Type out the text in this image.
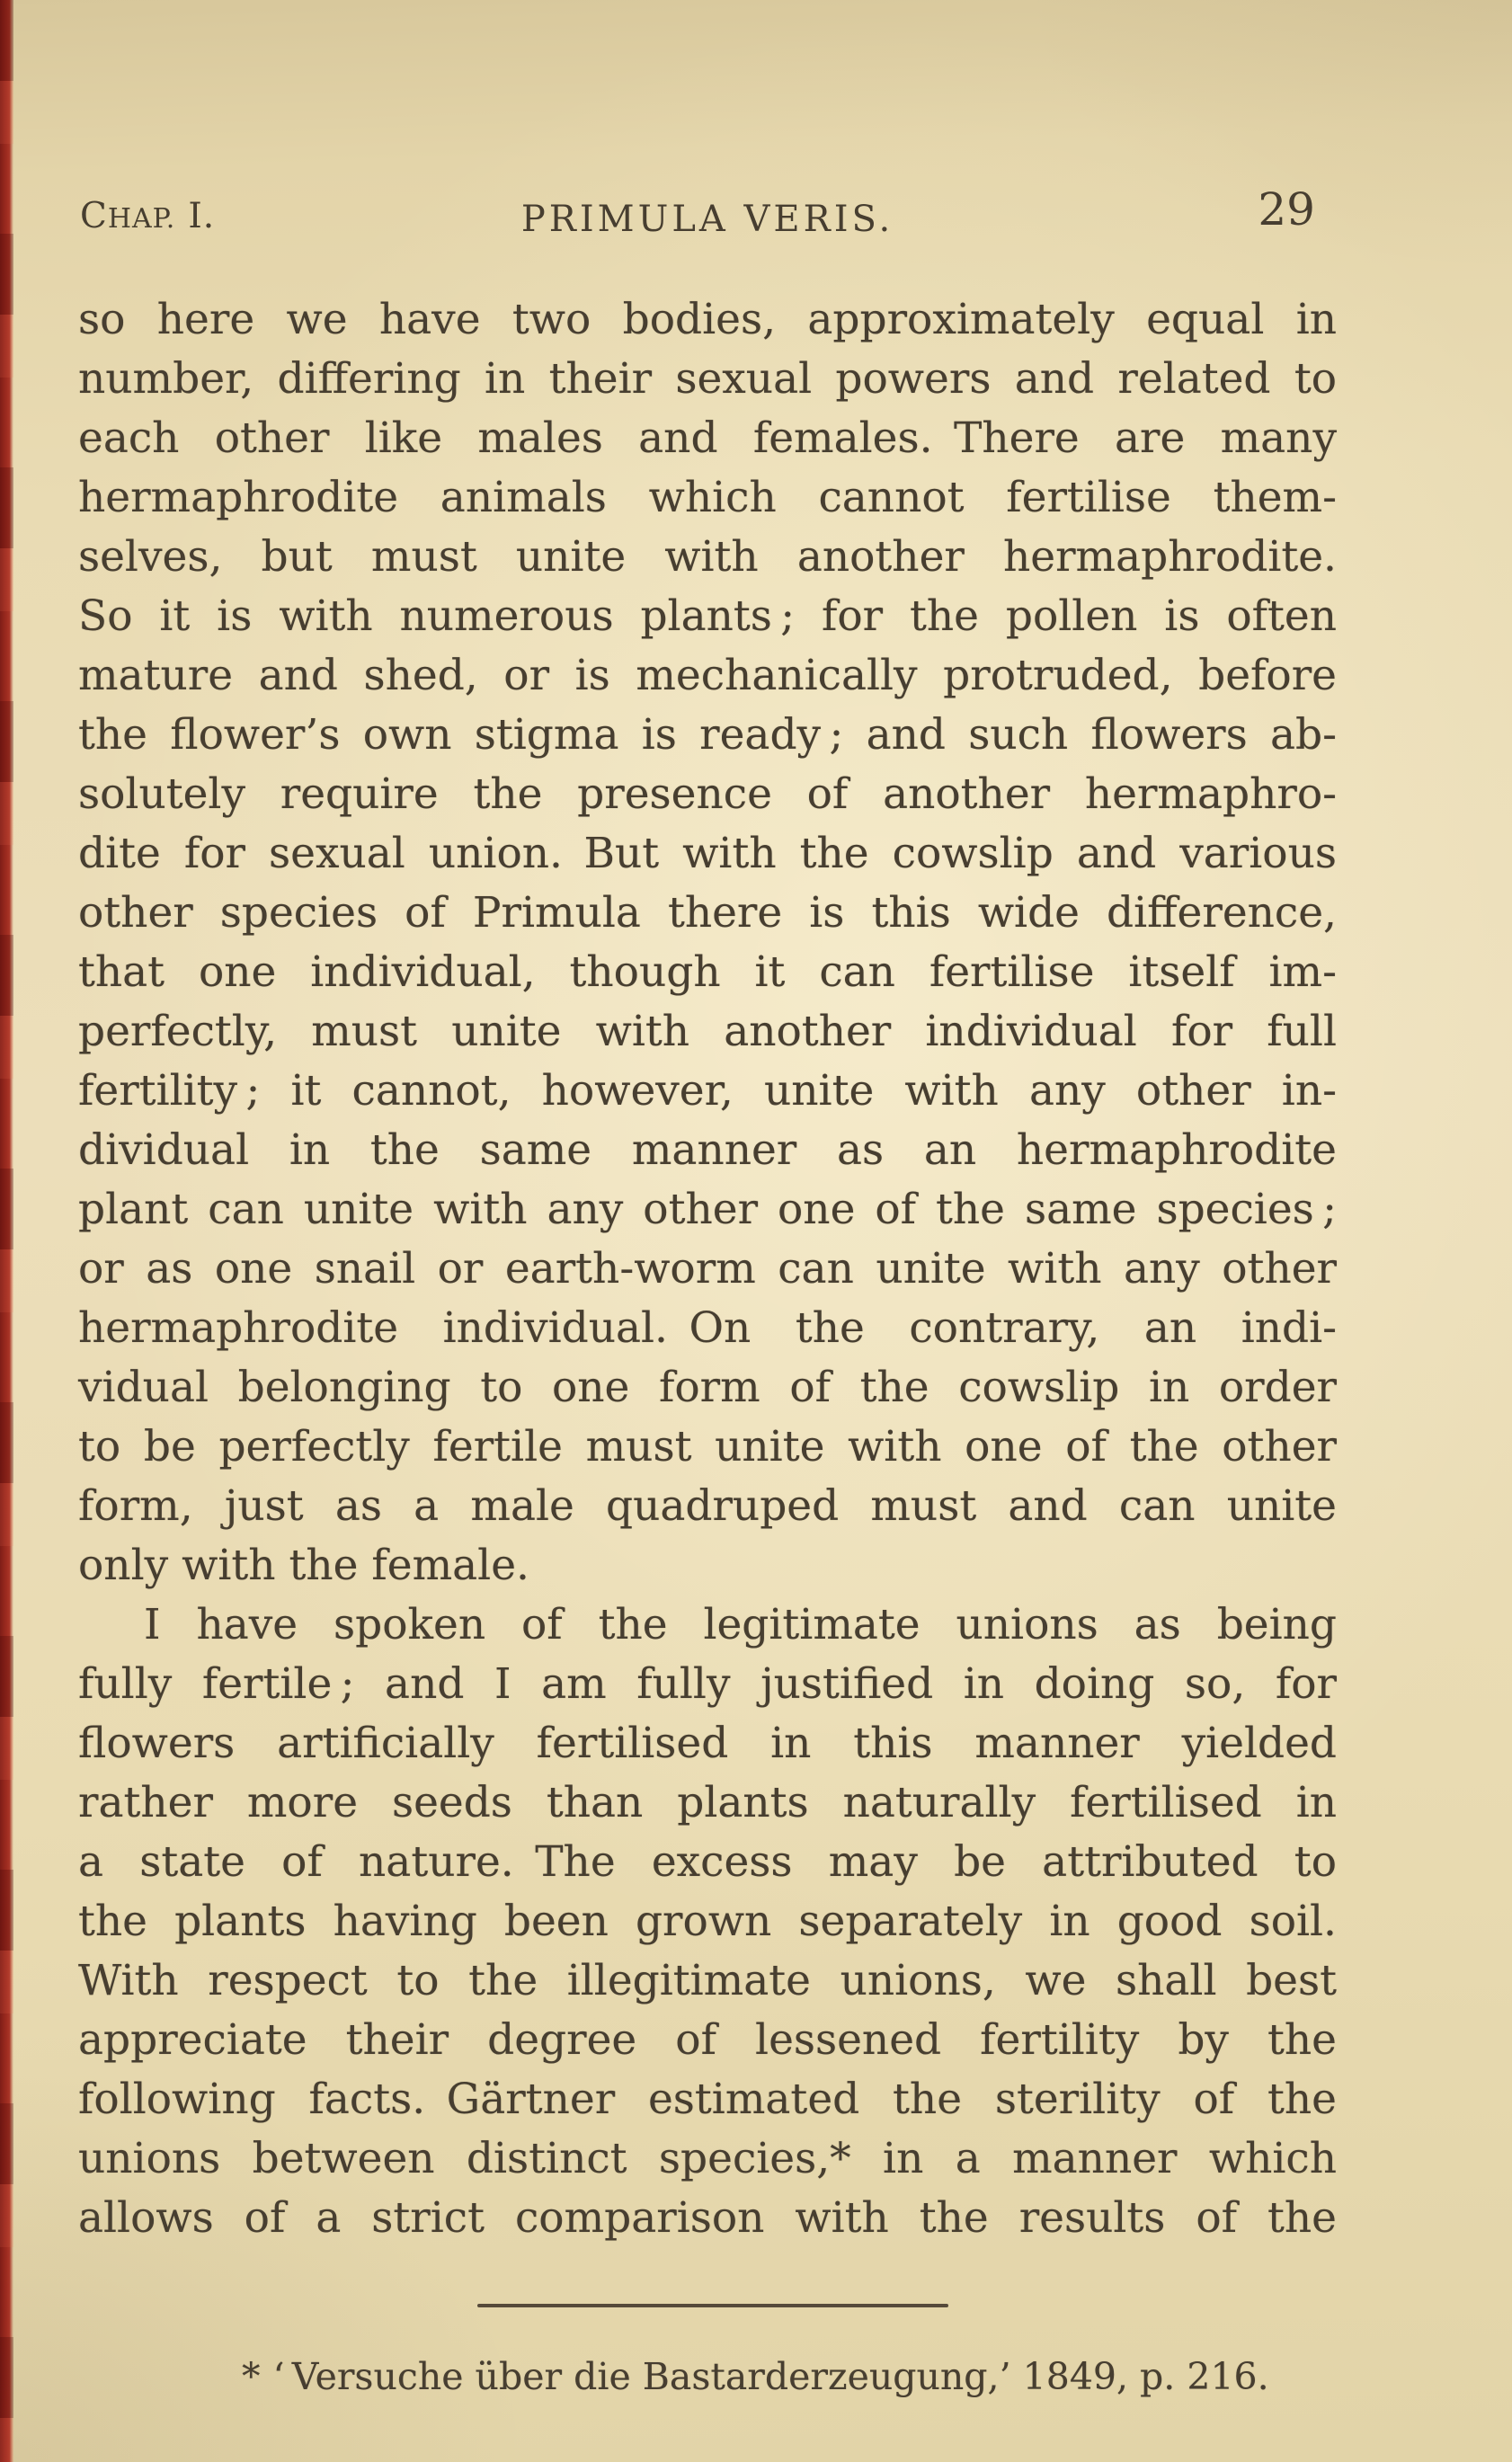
CHAP. I.	PRIMULA VERIS.	29
so here we have two bodies, approximately equal in
number, differing in their sexual powers and related to
each other like males and females. There are many
hermaphrodite animals which cannot fertilise them-
selves, but must unite with another hermaphrodite.
So it is with numerous plants ; for the pollen is often
mature and shed, or is mechanically protruded, before
the flower’s own stigma is ready ; and such flowers ab-
solutely require the presence of another hermaphro-
dite for sexual union. But with the cowslip and various
other species of Primula there is this wide difference,
that one individual, though it can fertilise itself im-
perfectly, must unite with another individual for full
fertility ; it cannot, however, unite with any other in-
dividual in the same manner as an hermaphrodite
plant can unite with any other one of the same species ;
or as one snail or earth-worm can unite with any other
hermaphrodite individual. On the contrary, an indi-
vidual belonging to one form of the cowslip in order
to be perfectly fertile must unite with one of the other
form, just as a male quadruped must and can unite
only with the female.
I have spoken of the legitimate unions as being
fully fertile ; and I am fully justified in doing so, for
flowers artificially fertilised in this manner yielded
rather more seeds than plants naturally fertilised in
a state of nature. The excess may be attributed to
the plants having been grown separately in good soil.
With respect to the illegitimate unions, we shall best
appreciate their degree of lessened fertility by the
following facts. Gärtner estimated the sterility of the
unions between distinct species,* in a manner which
allows of a strict comparison with the results of the
* ‘ Versuche über die Bastarderzeugung,’ 1849, p. 216.
